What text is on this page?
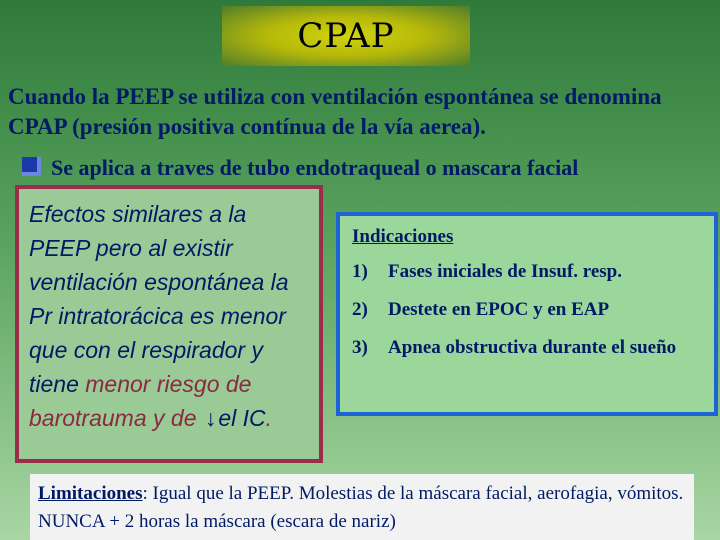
CPAP
Cuando la PEEP se utiliza con ventilación espontánea se denomina CPAP (presión positiva contínua de la vía aerea).
Se aplica a traves de tubo endotraqueal o mascara facial
Efectos similares a la PEEP pero al existir ventilación espontánea la Pr intratorácica es menor que con el respirador y tiene menor riesgo de barotrauma y de ↓el IC.
Indicaciones
1)	Fases iniciales de Insuf. resp.
2)	Destete en EPOC y en EAP
3)	Apnea obstructiva durante el sueño
Limitaciones: Igual que la PEEP. Molestias de la máscara facial, aerofagia, vómitos. NUNCA + 2 horas la máscara (escara de nariz)
